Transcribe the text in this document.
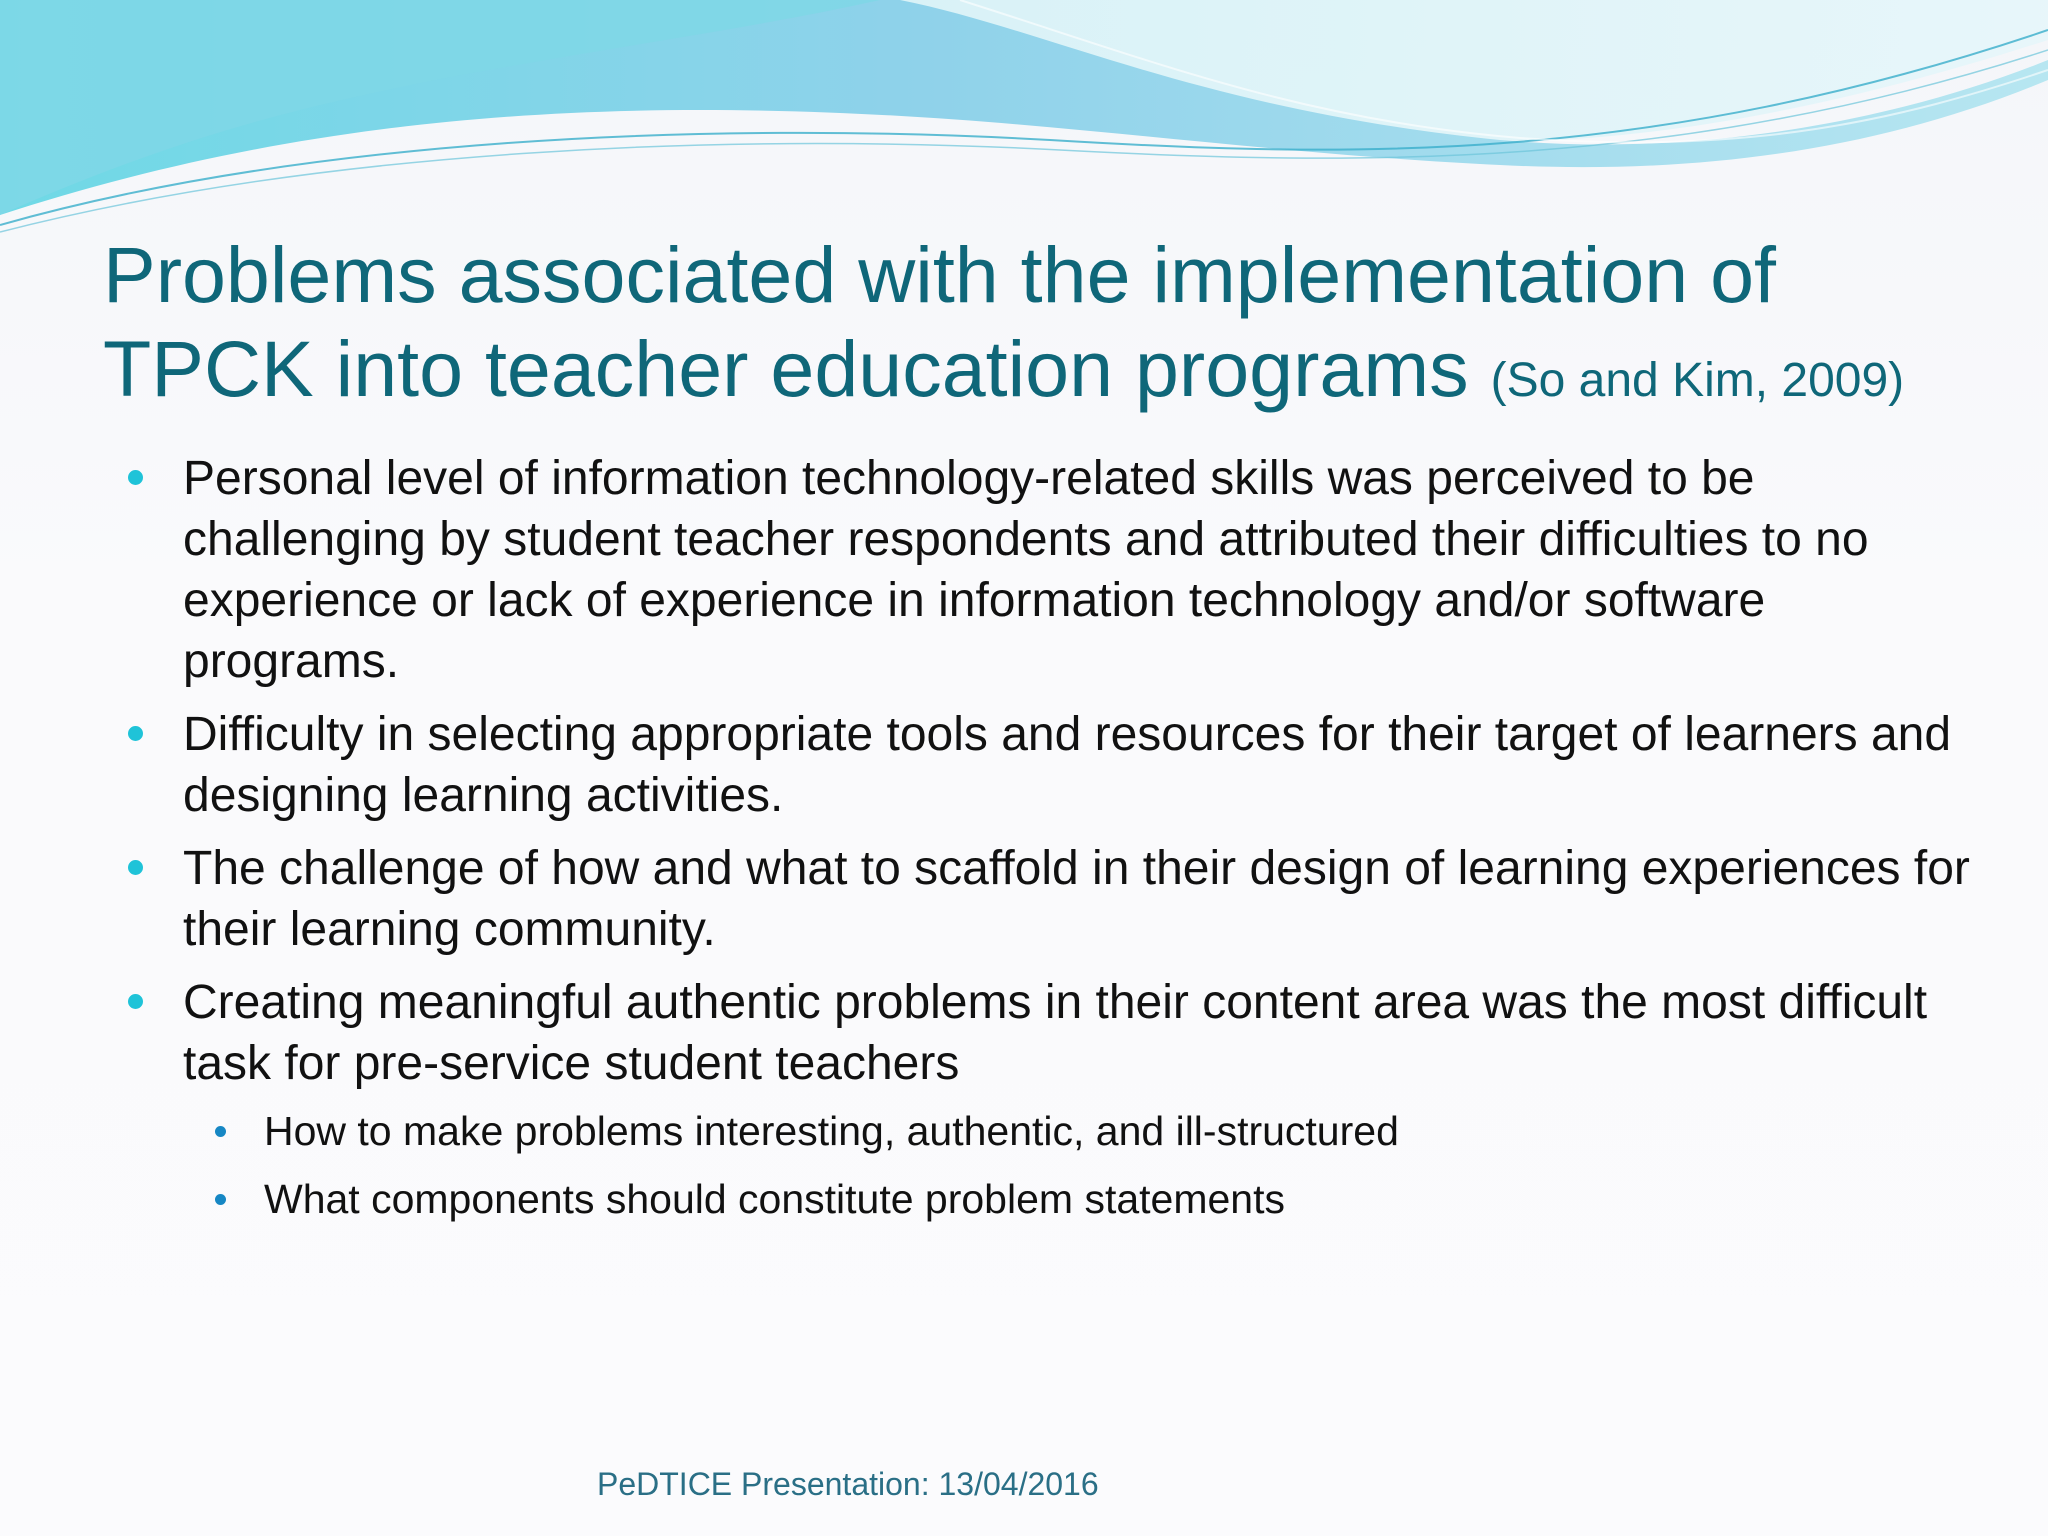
Problems associated with the implementation of TPCK into teacher education programs (So and Kim, 2009)
Personal level of information technology-related skills was perceived to be challenging by student teacher respondents and attributed their difficulties to no experience or lack of experience in information technology and/or software programs.
Difficulty in selecting appropriate tools and resources for their target of learners and designing learning activities.
The challenge of how and what to scaffold in their design of learning experiences for their learning community.
Creating meaningful authentic problems in their content area was the most difficult task for pre-service student teachers
How to make problems interesting, authentic, and ill-structured
What components should constitute problem statements
PeDTICE Presentation: 13/04/2016
